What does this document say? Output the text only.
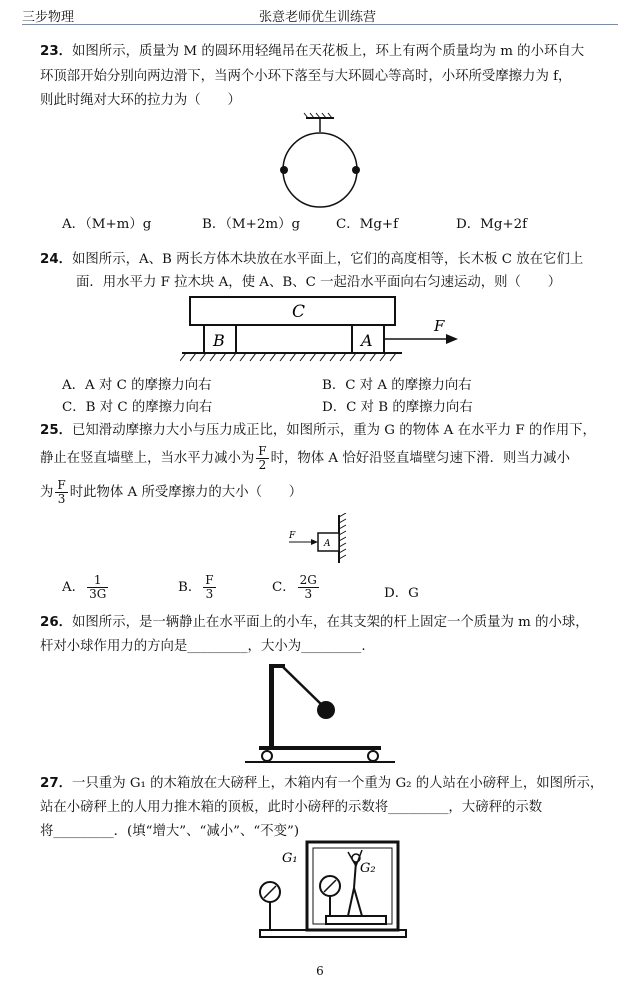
三步物理	张意老师优生训练营
23．如图所示，质量为 M 的圆环用轻绳吊在天花板上，环上有两个质量均为 m 的小环自大
环顶部开始分别向两边滑下，当两个小环下落至与大环圆心等高时，小环所受摩擦力为 f，
则此时绳对大环的拉力为（　　）
A．（M+m）g	B．（M+2m）g	C．Mg+f	D．Mg+2f
24．如图所示，A、B 两长方体木块放在水平面上，它们的高度相等，长木板 C 放在它们上
面．用水平力 F 拉木块 A，使 A、B、C 一起沿水平面向右匀速运动，则（　　）
C
B	A
F
A．A 对 C 的摩擦力向右	B．C 对 A 的摩擦力向右
C．B 对 C 的摩擦力向右	D．C 对 B 的摩擦力向右
25．已知滑动摩擦力大小与压力成正比，如图所示，重为 G 的物体 A 在水平力 F 的作用下，
静止在竖直墙壁上，当水平力减小为 $\frac{F}{2}$ 时，物体 A 恰好沿竖直墙壁匀速下滑．则当力减小
为 $\frac{F}{3}$ 时此物体 A 所受摩擦力的大小（　　）
F
A
A． $\frac{1}{3G}$	B． $\frac{F}{3}$	C． $\frac{2G}{3}$	D．G
26．如图所示，是一辆静止在水平面上的小车，在其支架的杆上固定一个质量为 m 的小球，
杆对小球作用力的方向是_________，大小为_________.
27．一只重为 G₁ 的木箱放在大磅秤上，木箱内有一个重为 G₂ 的人站在小磅秤上，如图所示，
站在小磅秤上的人用力推木箱的顶板，此时小磅秤的示数将_________，大磅秤的示数
将_________．(填“增大”、“减小”、“不变”)
G₁
G₂
6
